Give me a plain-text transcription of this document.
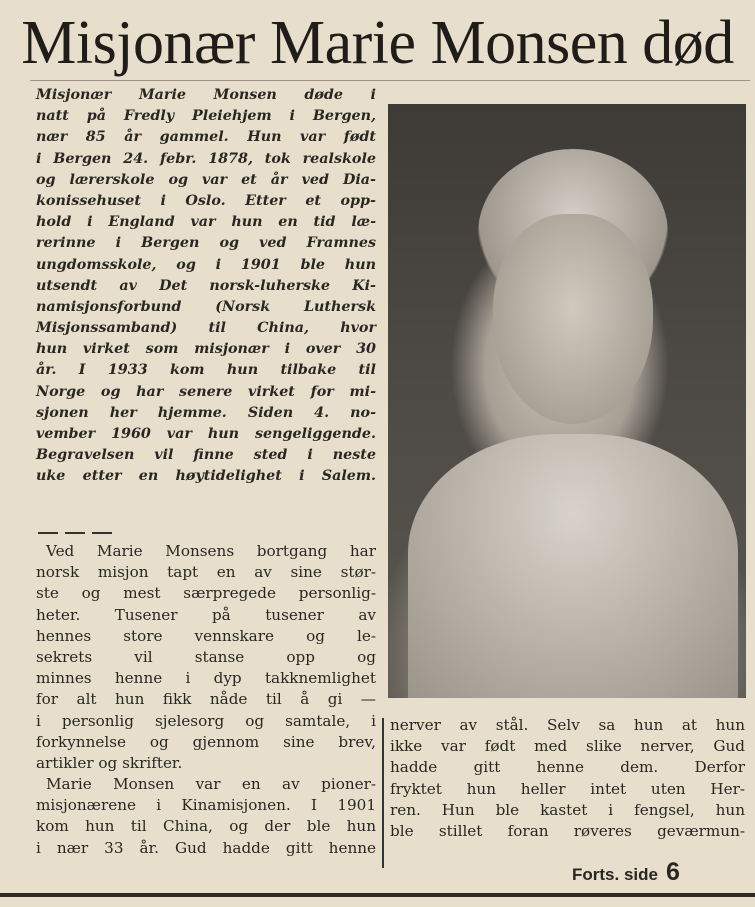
Misjonær Marie Monsen død
Misjonær Marie Monsen døde i
natt på Fredly Pleiehjem i Bergen,
nær 85 år gammel. Hun var født
i Bergen 24. febr. 1878, tok realskole
og lærerskole og var et år ved Dia-
konissehuset i Oslo. Etter et opp-
hold i England var hun en tid læ-
rerinne i Bergen og ved Framnes
ungdomsskole, og i 1901 ble hun
utsendt av Det norsk-luherske Ki-
namisjonsforbund (Norsk Luthersk
Misjonssamband) til China, hvor
hun virket som misjonær i over 30
år. I 1933 kom hun tilbake til
Norge og har senere virket for mi-
sjonen her hjemme. Siden 4. no-
vember 1960 var hun sengeliggende.
Begravelsen vil finne sted i neste
uke etter en høytidelighet i Salem.
Ved Marie Monsens bortgang har
norsk misjon tapt en av sine stør-
ste og mest særpregede personlig-
heter. Tusener på tusener av
hennes store vennskare og le-
sekrets vil stanse opp og
minnes henne i dyp takknemlighet
for alt hun fikk nåde til å gi —
i personlig sjelesorg og samtale, i
forkynnelse og gjennom sine brev,
artikler og skrifter.
Marie Monsen var en av pioner-
misjonærene i Kinamisjonen. I 1901
kom hun til China, og der ble hun
i nær 33 år. Gud hadde gitt henne
nerver av stål. Selv sa hun at hun
ikke var født med slike nerver, Gud
hadde gitt henne dem. Derfor
fryktet hun heller intet uten Her-
ren. Hun ble kastet i fengsel, hun
ble stillet foran røveres geværmun-
Forts. side 6
